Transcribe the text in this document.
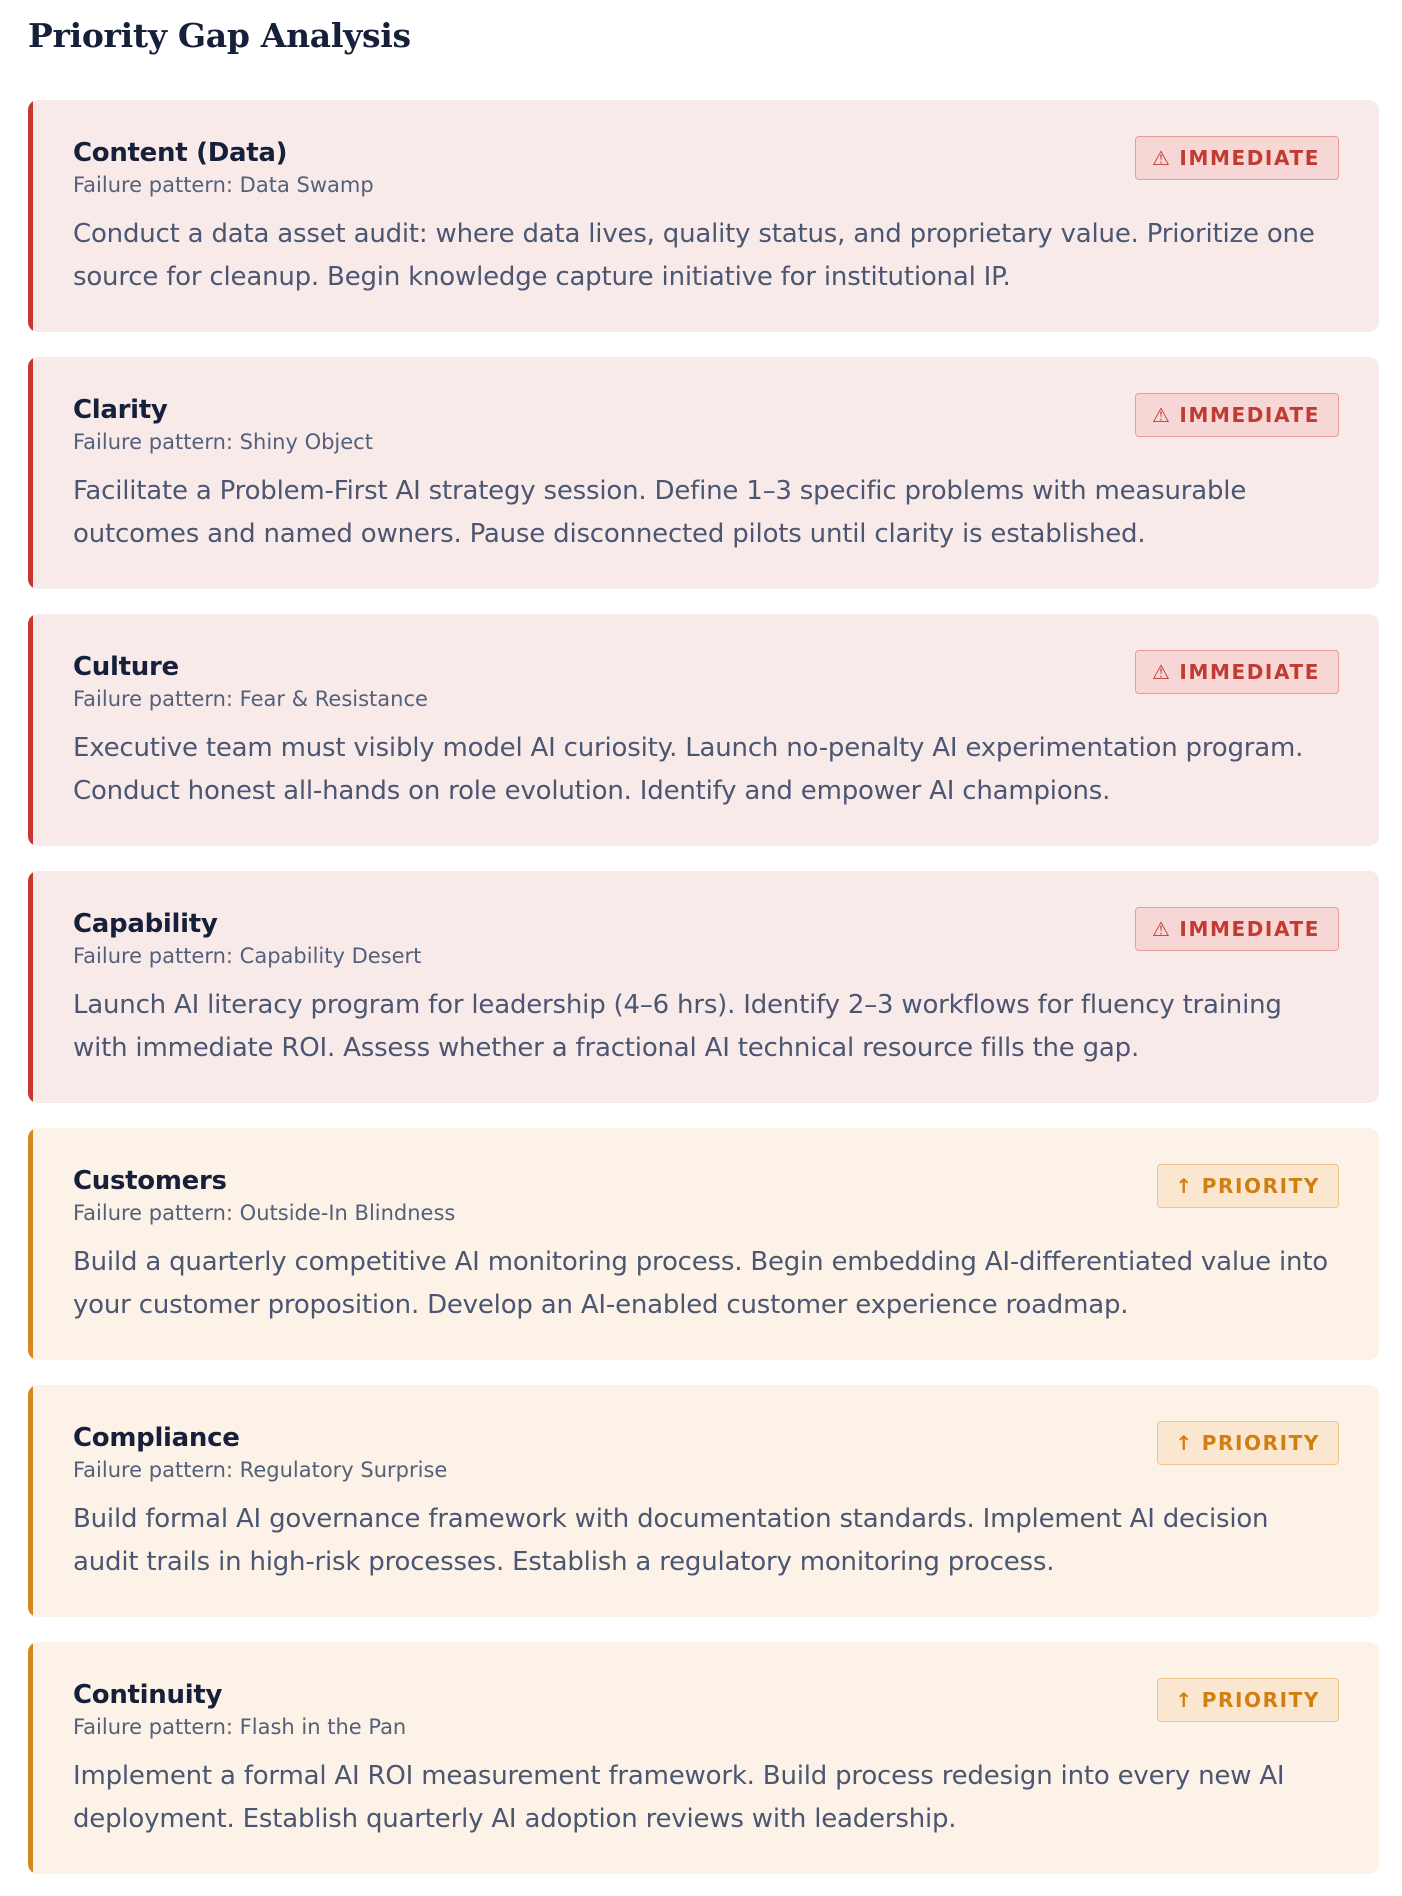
Priority Gap Analysis
Content (Data)
Failure pattern: Data Swamp
⚠ IMMEDIATE
Conduct a data asset audit: where data lives, quality status, and proprietary value. Prioritize one source for cleanup. Begin knowledge capture initiative for institutional IP.
Clarity
Failure pattern: Shiny Object
⚠ IMMEDIATE
Facilitate a Problem-First AI strategy session. Define 1–3 specific problems with measurable outcomes and named owners. Pause disconnected pilots until clarity is established.
Culture
Failure pattern: Fear & Resistance
⚠ IMMEDIATE
Executive team must visibly model AI curiosity. Launch no-penalty AI experimentation program. Conduct honest all-hands on role evolution. Identify and empower AI champions.
Capability
Failure pattern: Capability Desert
⚠ IMMEDIATE
Launch AI literacy program for leadership (4–6 hrs). Identify 2–3 workflows for fluency training with immediate ROI. Assess whether a fractional AI technical resource fills the gap.
Customers
Failure pattern: Outside-In Blindness
↑ PRIORITY
Build a quarterly competitive AI monitoring process. Begin embedding AI-differentiated value into your customer proposition. Develop an AI-enabled customer experience roadmap.
Compliance
Failure pattern: Regulatory Surprise
↑ PRIORITY
Build formal AI governance framework with documentation standards. Implement AI decision audit trails in high-risk processes. Establish a regulatory monitoring process.
Continuity
Failure pattern: Flash in the Pan
↑ PRIORITY
Implement a formal AI ROI measurement framework. Build process redesign into every new AI deployment. Establish quarterly AI adoption reviews with leadership.
